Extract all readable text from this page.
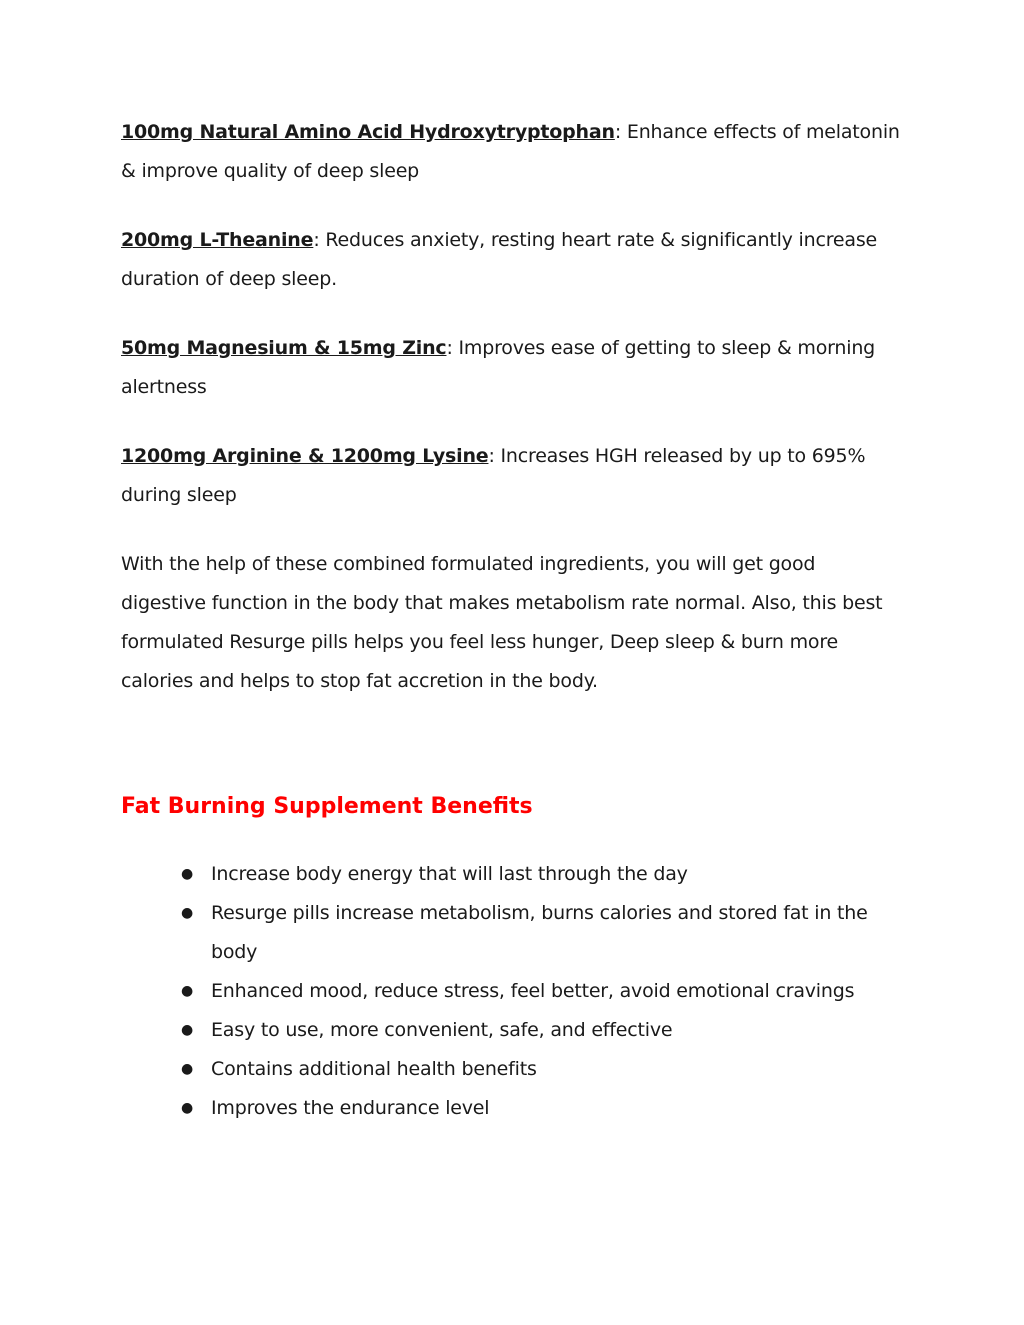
100mg Natural Amino Acid Hydroxytryptophan: Enhance effects of melatonin & improve quality of deep sleep

200mg L-Theanine: Reduces anxiety, resting heart rate & significantly increase duration of deep sleep.

50mg Magnesium & 15mg Zinc: Improves ease of getting to sleep & morning alertness

1200mg Arginine & 1200mg Lysine: Increases HGH released by up to 695% during sleep

With the help of these combined formulated ingredients, you will get good digestive function in the body that makes metabolism rate normal. Also, this best formulated Resurge pills helps you feel less hunger, Deep sleep & burn more calories and helps to stop fat accretion in the body.

Fat Burning Supplement Benefits
● Increase body energy that will last through the day
● Resurge pills increase metabolism, burns calories and stored fat in the body
● Enhanced mood, reduce stress, feel better, avoid emotional cravings
● Easy to use, more convenient, safe, and effective
● Contains additional health benefits
● Improves the endurance level
